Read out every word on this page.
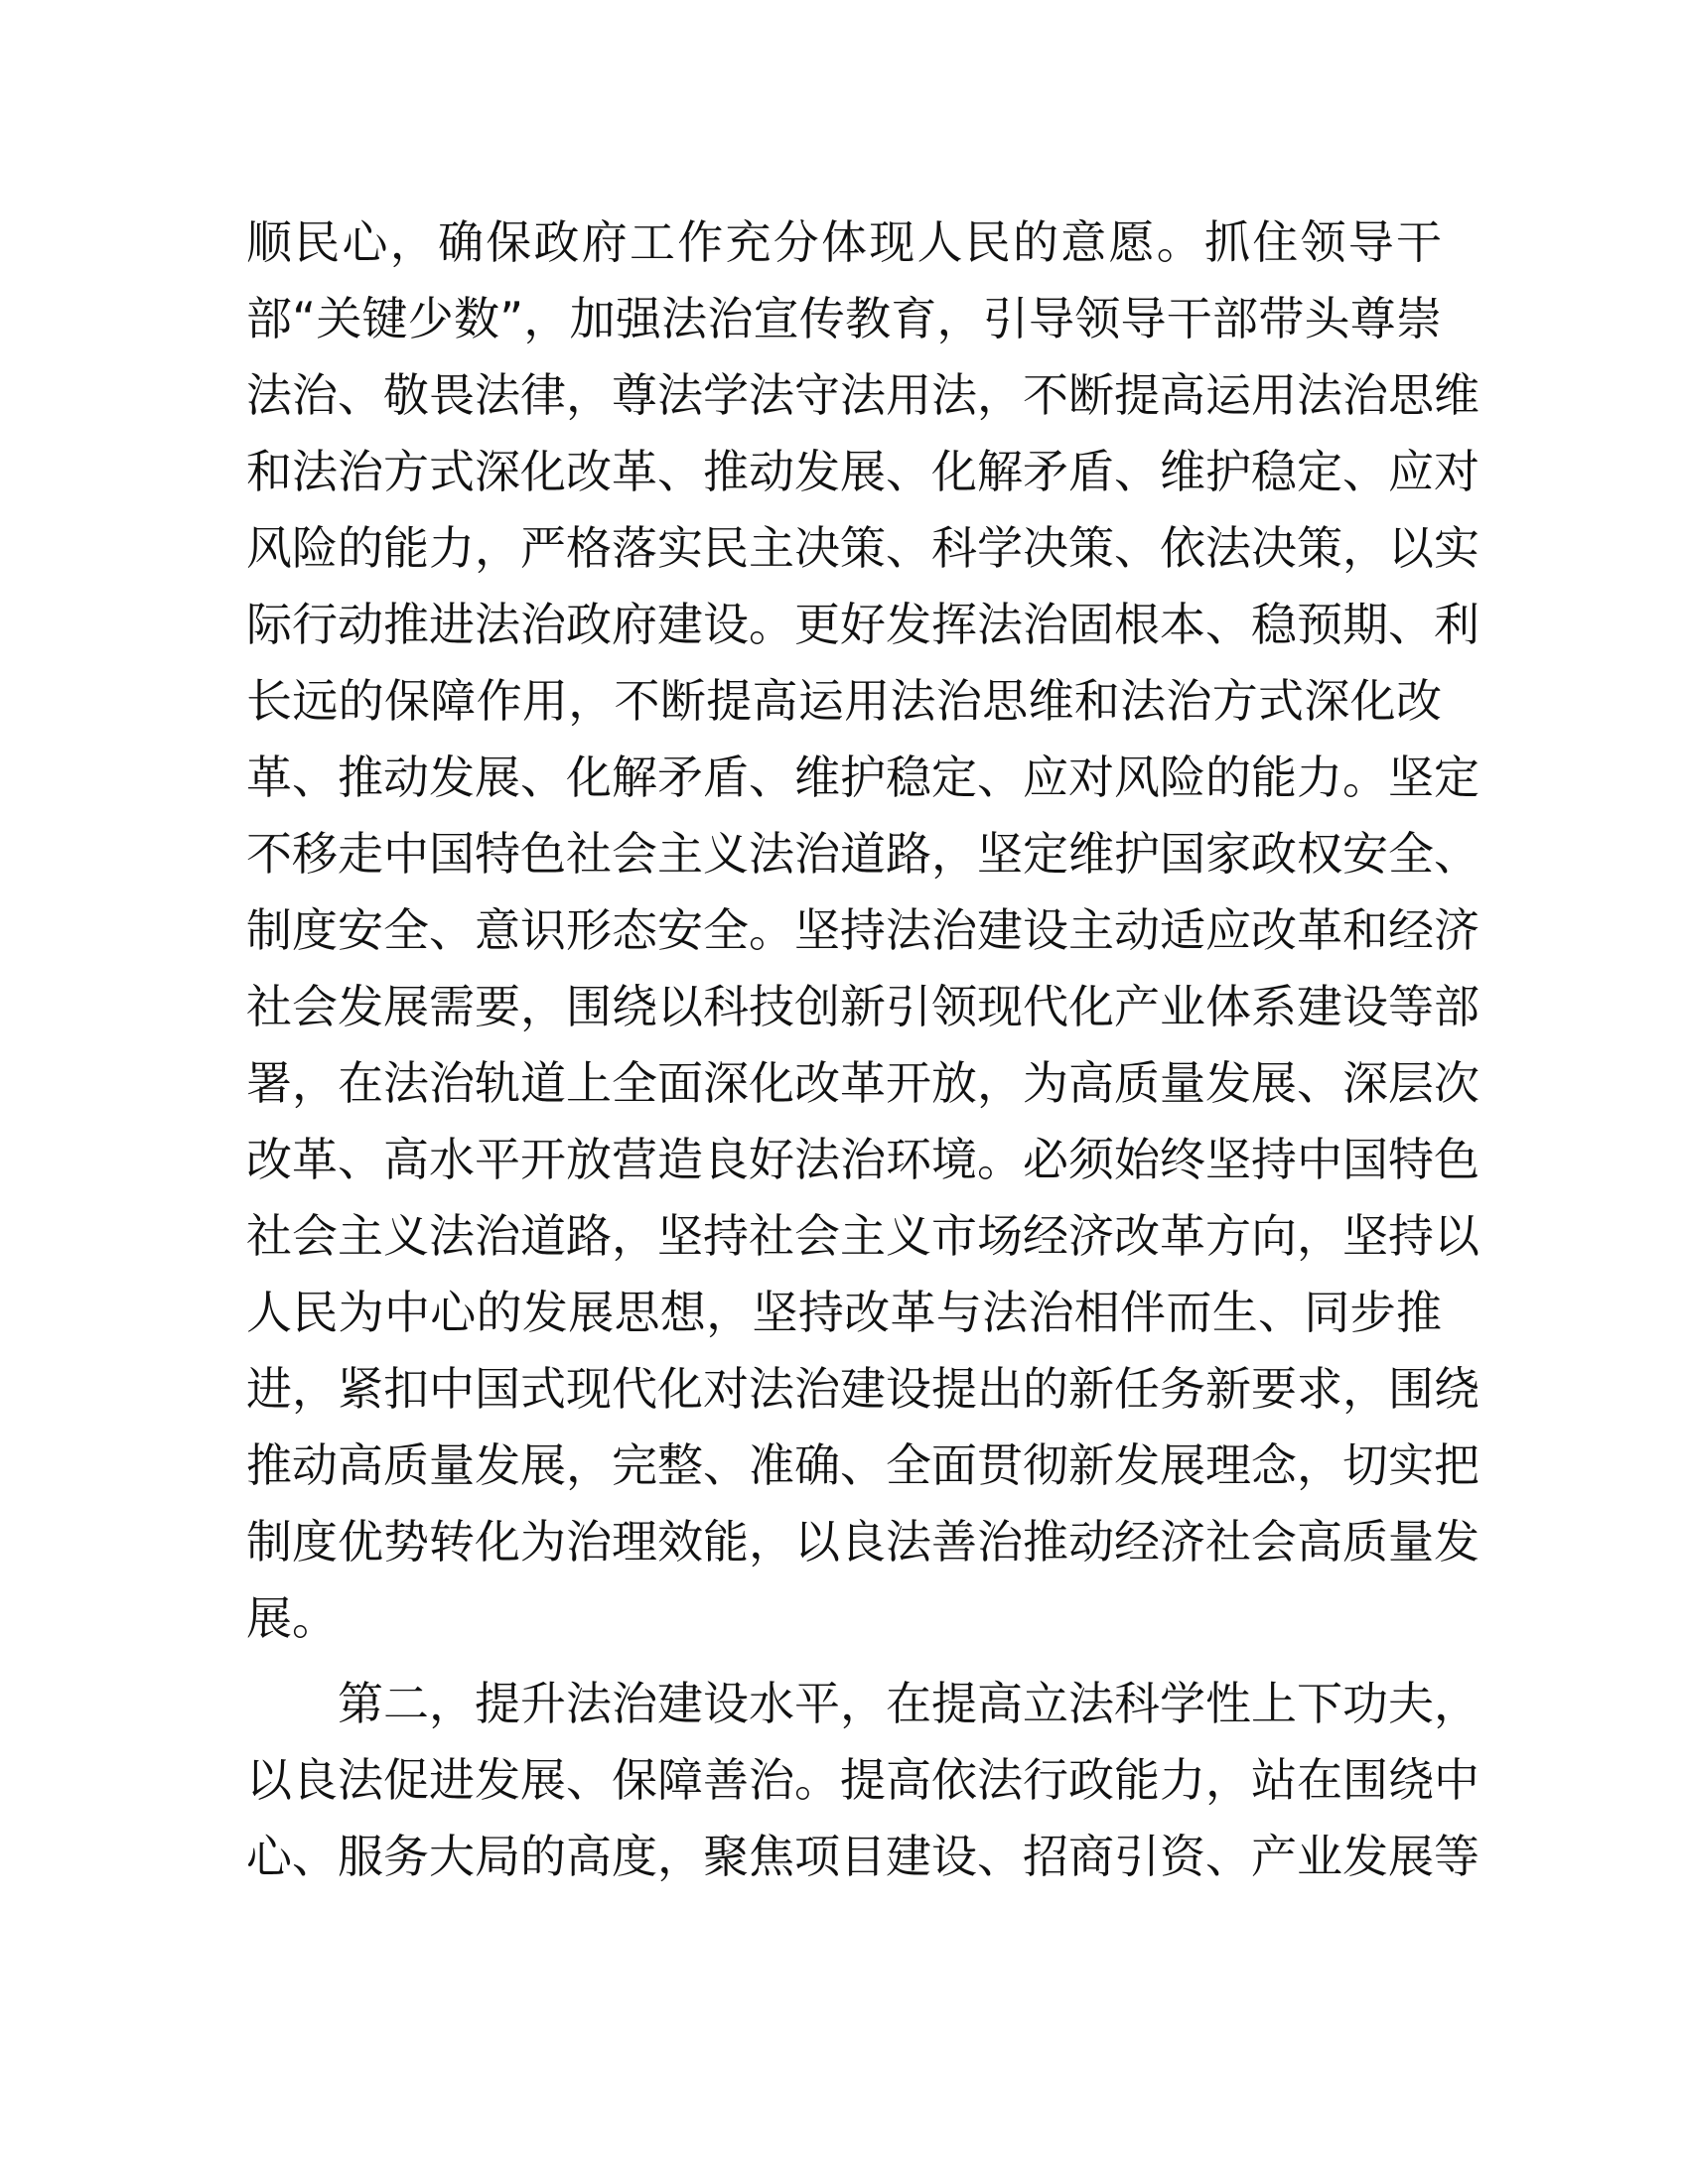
顺民心，确保政府工作充分体现人民的意愿。抓住领导干
部“关键少数”，加强法治宣传教育，引导领导干部带头尊崇
法治、敬畏法律，尊法学法守法用法，不断提高运用法治思维
和法治方式深化改革、推动发展、化解矛盾、维护稳定、应对
风险的能力，严格落实民主决策、科学决策、依法决策，以实
际行动推进法治政府建设。更好发挥法治固根本、稳预期、利
长远的保障作用，不断提高运用法治思维和法治方式深化改
革、推动发展、化解矛盾、维护稳定、应对风险的能力。坚定
不移走中国特色社会主义法治道路，坚定维护国家政权安全、
制度安全、意识形态安全。坚持法治建设主动适应改革和经济
社会发展需要，围绕以科技创新引领现代化产业体系建设等部
署，在法治轨道上全面深化改革开放，为高质量发展、深层次
改革、高水平开放营造良好法治环境。必须始终坚持中国特色
社会主义法治道路，坚持社会主义市场经济改革方向，坚持以
人民为中心的发展思想，坚持改革与法治相伴而生、同步推
进，紧扣中国式现代化对法治建设提出的新任务新要求，围绕
推动高质量发展，完整、准确、全面贯彻新发展理念，切实把
制度优势转化为治理效能，以良法善治推动经济社会高质量发
展。
　　第二，提升法治建设水平，在提高立法科学性上下功夫，
以良法促进发展、保障善治。提高依法行政能力，站在围绕中
心、服务大局的高度，聚焦项目建设、招商引资、产业发展等
